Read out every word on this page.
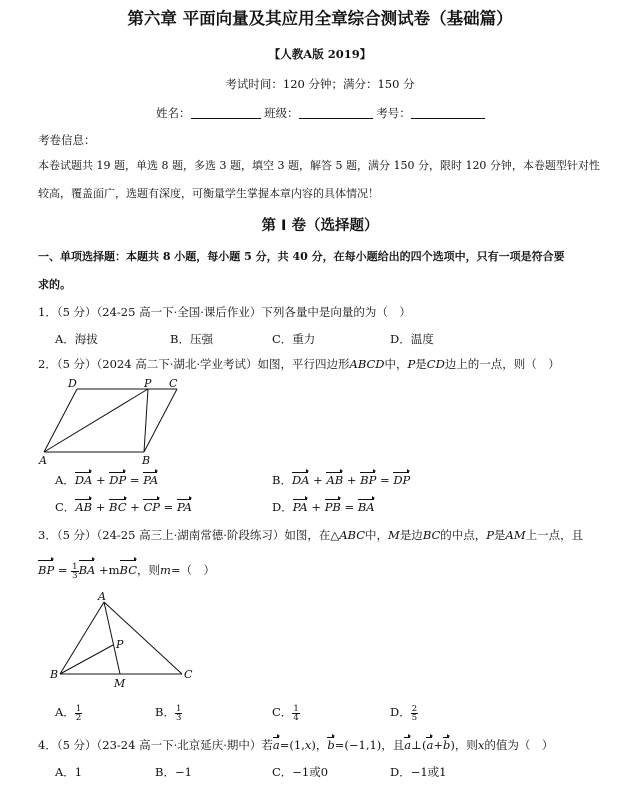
第六章 平面向量及其应用全章综合测试卷（基础篇）
【人教A版 2019】
考试时间：120 分钟；满分：150 分
姓名：	班级：	考号：
考卷信息：
本卷试题共 19 题，单选 8 题，多选 3 题，填空 3 题，解答 5 题，满分 150 分，限时 120 分钟，本卷题型针对性
较高，覆盖面广，选题有深度，可衡量学生掌握本章内容的具体情况！
第 I 卷（选择题）
一、单项选择题：本题共 8 小题，每小题 5 分，共 40 分，在每小题给出的四个选项中，只有一项是符合要
求的。
1．（5 分）（24-25 高一下·全国·课后作业）下列各量中是向量的为（　）
A．海拔	B．压强	C．重力	D．温度
2．（5 分）（2024 高二下·湖北·学业考试）如图，平行四边形ABCD中，P是CD边上的一点，则（　）
A	B
C
D	P
A．DA + DP = PA	B．DA + AB + BP = DP
C．AB + BC + CP = PA	D．PA + PB = BA
3．（5 分）（24-25 高三上·湖南常德·阶段练习）如图，在△ABC中，M是边BC的中点，P是AM上一点，且
BP = $\frac{1}{3}$ BA +mBC，则m=（　）
A
B	C
M
P
A． $\frac{1}{2}$	B． $\frac{1}{3}$	C． $\frac{1}{4}$	D． $\frac{2}{5}$
4．（5 分）（23-24 高一下·北京延庆·期中）若a=(1,x)，b=(−1,1)，且a⊥(a+b)，则x的值为（　）
A．1	B．−1	C．−1或0	D．−1或1
